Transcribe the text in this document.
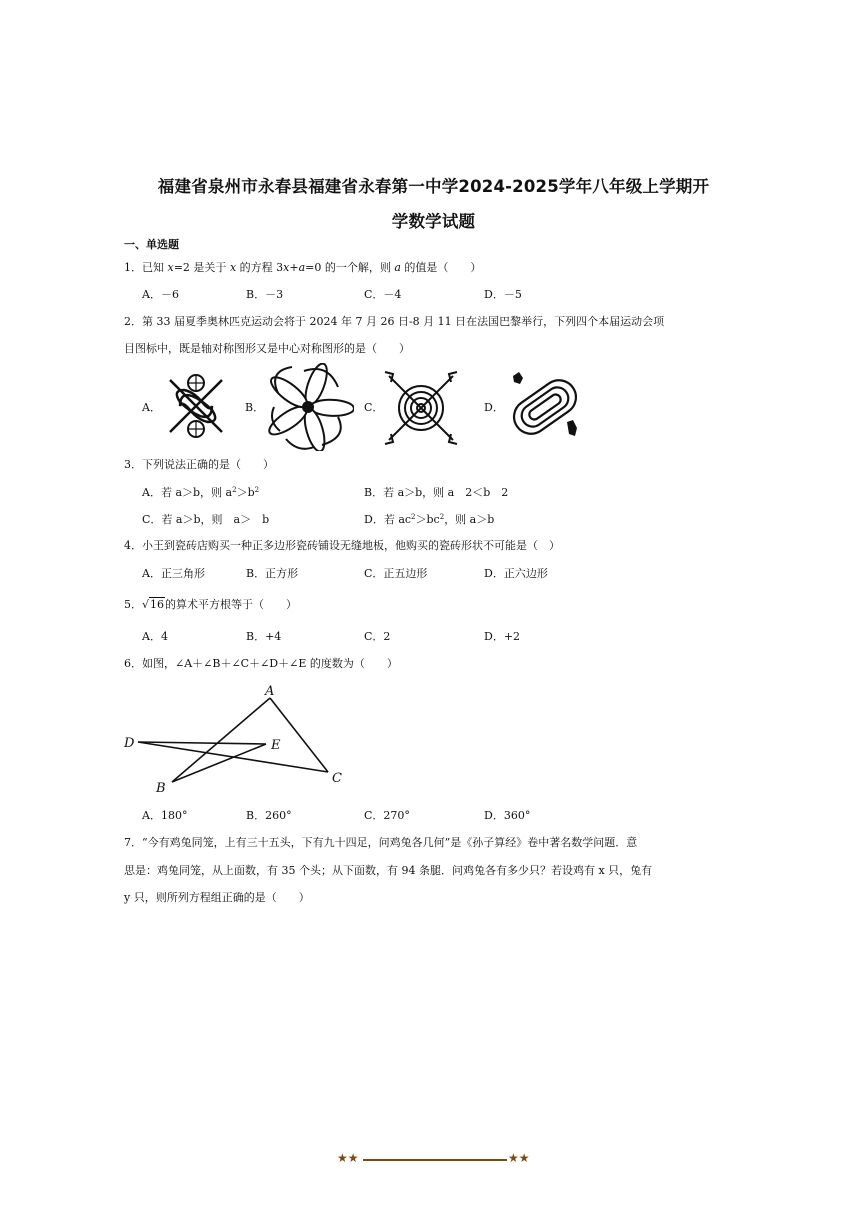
福建省泉州市永春县福建省永春第一中学2024-2025学年八年级上学期开
学数学试题
一、单选题
1．已知 x=2 是关于 x 的方程 3x+a=0 的一个解，则 a 的值是（　　）
A．－6	B．－3	C．－4	D．－5
2．第 33 届夏季奥林匹克运动会将于 2024 年 7 月 26 日-8 月 11 日在法国巴黎举行，下列四个本届运动会项
目图标中，既是轴对称图形又是中心对称图形的是（　　）
A．	B．	C．	D．
3．下列说法正确的是（　　）
A．若 a＞b，则 $a^2>b^2$	B．若 a＞b，则 a　2＜b　2
C．若 a＞b，则　a＞　b	D．若 $ac^2>bc^2$，则 a＞b
4．小王到瓷砖店购买一种正多边形瓷砖铺设无缝地板，他购买的瓷砖形状不可能是（　）
A．正三角形	B．正方形	C．正五边形	D．正六边形
5．√16的算术平方根等于（　　）
A．4	B．+4	C．2	D．+2
6．如图，∠A＋∠B＋∠C＋∠D＋∠E 的度数为（　　）
A
D	E
B
C
A．180°	B．260°	C．270°	D．360°
7．“今有鸡兔同笼，上有三十五头，下有九十四足，问鸡兔各几何”是《孙子算经》卷中著名数学问题．意
思是：鸡兔同笼，从上面数，有 35 个头；从下面数，有 94 条腿．问鸡兔各有多少只？若设鸡有 x 只，兔有
y 只，则所列方程组正确的是（　　）
★★	★★
